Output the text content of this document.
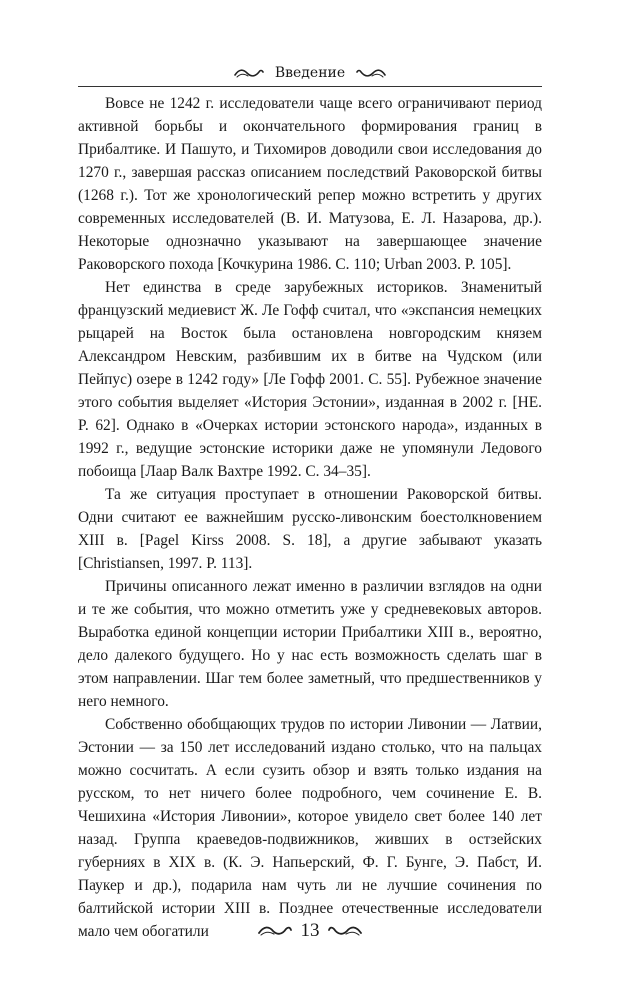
Введение

Вовсе не 1242 г. исследователи чаще всего ограничивают период активной борьбы и окончательного формирования границ в Прибалтике. И Пашуто, и Тихомиров доводили свои исследования до 1270 г., завершая рассказ описанием последствий Раковорской битвы (1268 г.). Тот же хронологический репер можно встретить у других современных исследователей (В. И. Матузова, Е. Л. Назарова, др.). Некоторые однозначно указывают на завершающее значение Раковорского похода [Кочкурина 1986. С. 110; Urban 2003. P. 105].

Нет единства в среде зарубежных историков. Знаменитый французский медиевист Ж. Ле Гофф считал, что «экспансия немецких рыцарей на Восток была остановлена новгородским князем Александром Невским, разбившим их в битве на Чудском (или Пейпус) озере в 1242 году» [Ле Гофф 2001. С. 55]. Рубежное значение этого события выделяет «История Эстонии», изданная в 2002 г. [HE. P. 62]. Однако в «Очерках истории эстонского народа», изданных в 1992 г., ведущие эстонские историки даже не упомянули Ледового побоища [Лаар Валк Вахтре 1992. С. 34–35].

Та же ситуация проступает в отношении Раковорской битвы. Одни считают ее важнейшим русско-ливонским боестолкновением XIII в. [Pagel Kirss 2008. S. 18], а другие забывают указать [Christiansen, 1997. P. 113].

Причины описанного лежат именно в различии взглядов на одни и те же события, что можно отметить уже у средневековых авторов. Выработка единой концепции истории Прибалтики XIII в., вероятно, дело далекого будущего. Но у нас есть возможность сделать шаг в этом направлении. Шаг тем более заметный, что предшественников у него немного.

Собственно обобщающих трудов по истории Ливонии — Латвии, Эстонии — за 150 лет исследований издано столько, что на пальцах можно сосчитать. А если сузить обзор и взять только издания на русском, то нет ничего более подробного, чем сочинение Е. В. Чешихина «История Ливонии», которое увидело свет более 140 лет назад. Группа краеведов-подвижников, живших в остзейских губерниях в XIX в. (К. Э. Напьерский, Ф. Г. Бунге, Э. Пабст, И. Паукер и др.), подарила нам чуть ли не лучшие сочинения по балтийской истории XIII в. Позднее отечественные исследователи мало чем обогатили	13
